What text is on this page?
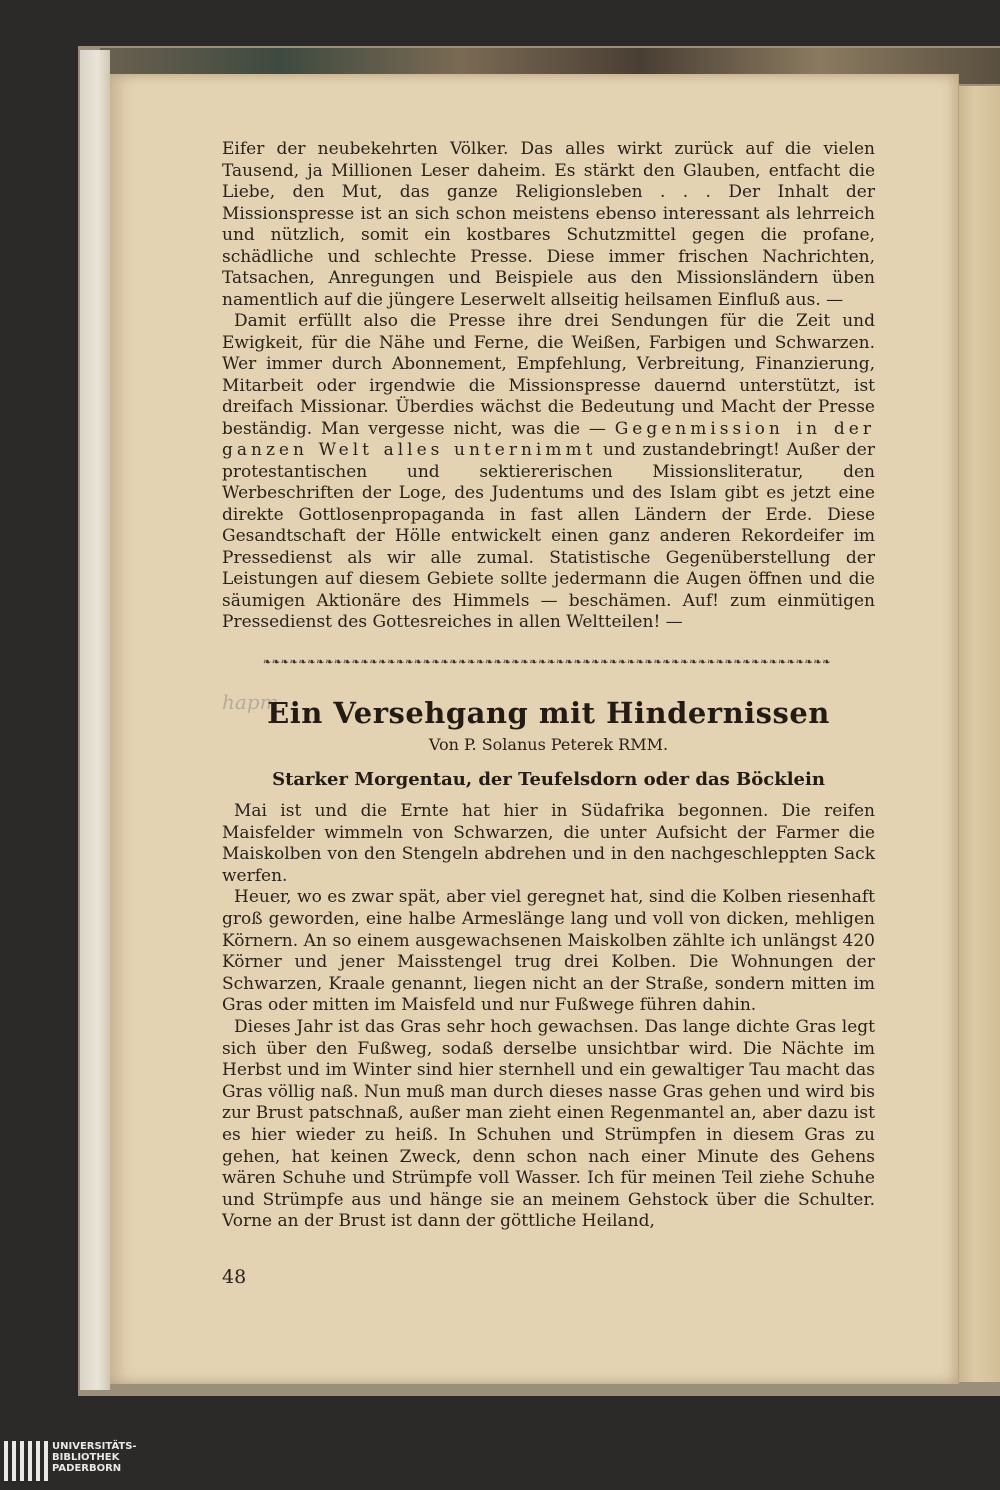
Eifer der neubekehrten Völker. Das alles wirkt zurück auf die vielen Tausend, ja Millionen Leser daheim. Es stärkt den Glauben, entfacht die Liebe, den Mut, das ganze Religionsleben . . . Der Inhalt der Missionspresse ist an sich schon meistens ebenso interessant als lehrreich und nützlich, somit ein kostbares Schutzmittel gegen die profane, schädliche und schlechte Presse. Diese immer frischen Nachrichten, Tatsachen, Anregungen und Beispiele aus den Missionsländern üben namentlich auf die jüngere Leserwelt allseitig heilsamen Einfluß aus. —

Damit erfüllt also die Presse ihre drei Sendungen für die Zeit und Ewigkeit, für die Nähe und Ferne, die Weißen, Farbigen und Schwarzen. Wer immer durch Abonnement, Empfehlung, Verbreitung, Finanzierung, Mitarbeit oder irgendwie die Missionspresse dauernd unterstützt, ist dreifach Missionar. Überdies wächst die Bedeutung und Macht der Presse beständig. Man vergesse nicht, was die — Gegenmission in der ganzen Welt alles unternimmt und zustandebringt! Außer der protestantischen und sektiererischen Missionsliteratur, den Werbeschriften der Loge, des Judentums und des Islam gibt es jetzt eine direkte Gottlosenpropaganda in fast allen Ländern der Erde. Diese Gesandtschaft der Hölle entwickelt einen ganz anderen Rekordeifer im Pressedienst als wir alle zumal. Statistische Gegenüberstellung der Leistungen auf diesem Gebiete sollte jedermann die Augen öffnen und die säumigen Aktionäre des Himmels — beschämen. Auf! zum einmütigen Pressedienst des Gottesreiches in allen Weltteilen! —

❧❧❧❧❧❧❧❧❧❧❧❧❧❧❧❧❧❧❧❧❧❧❧❧❧❧❧❧❧❧❧❧❧❧❧❧❧❧❧❧❧❧❧❧❧❧❧❧❧❧❧❧❧❧❧❧❧❧❧❧❧❧❧❧
hapm
Ein Versehgang mit Hindernissen
Von P. Solanus Peterek RMM.
Starker Morgentau, der Teufelsdorn oder das Böcklein

Mai ist und die Ernte hat hier in Südafrika begonnen. Die reifen Maisfelder wimmeln von Schwarzen, die unter Aufsicht der Farmer die Maiskolben von den Stengeln abdrehen und in den nachgeschleppten Sack werfen.

Heuer, wo es zwar spät, aber viel geregnet hat, sind die Kolben riesenhaft groß geworden, eine halbe Armeslänge lang und voll von dicken, mehligen Körnern. An so einem ausgewachsenen Maiskolben zählte ich unlängst 420 Körner und jener Maisstengel trug drei Kolben. Die Wohnungen der Schwarzen, Kraale genannt, liegen nicht an der Straße, sondern mitten im Gras oder mitten im Maisfeld und nur Fußwege führen dahin.

Dieses Jahr ist das Gras sehr hoch gewachsen. Das lange dichte Gras legt sich über den Fußweg, sodaß derselbe unsichtbar wird. Die Nächte im Herbst und im Winter sind hier sternhell und ein gewaltiger Tau macht das Gras völlig naß. Nun muß man durch dieses nasse Gras gehen und wird bis zur Brust patschnaß, außer man zieht einen Regenmantel an, aber dazu ist es hier wieder zu heiß. In Schuhen und Strümpfen in diesem Gras zu gehen, hat keinen Zweck, denn schon nach einer Minute des Gehens wären Schuhe und Strümpfe voll Wasser. Ich für meinen Teil ziehe Schuhe und Strümpfe aus und hänge sie an meinem Gehstock über die Schulter. Vorne an der Brust ist dann der göttliche Heiland,

48
UNIVERSITÄTS-
BIBLIOTHEK
PADERBORN
